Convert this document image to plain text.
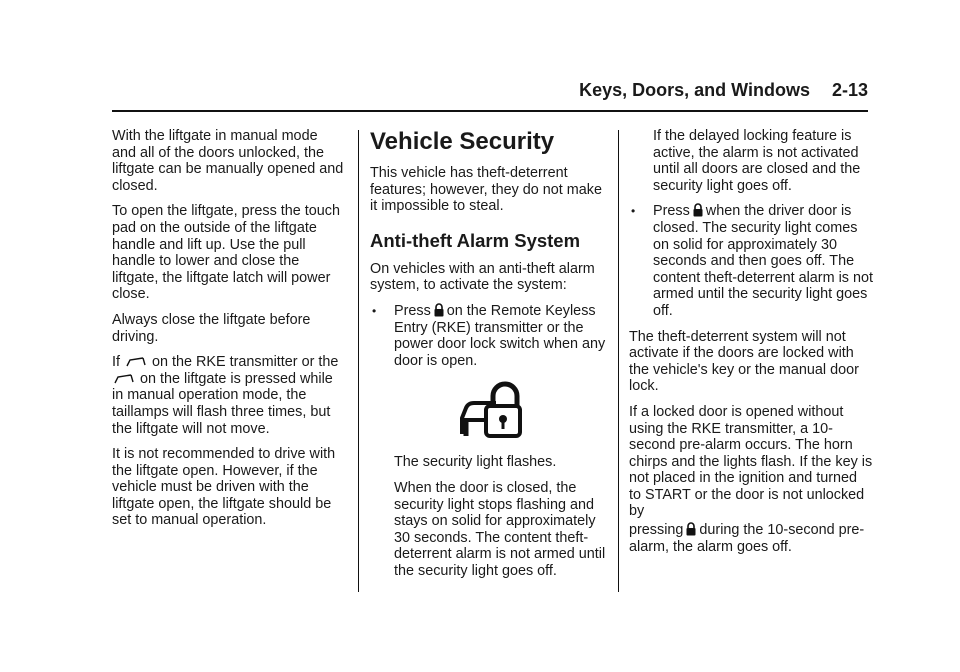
Keys, Doors, and Windows 2-13

With the liftgate in manual mode and all of the doors unlocked, the liftgate can be manually opened and closed.

To open the liftgate, press the touch pad on the outside of the liftgate handle and lift up. Use the pull handle to lower and close the liftgate, the liftgate latch will power close.

Always close the liftgate before driving.

If on the RKE transmitter or the
on the liftgate is pressed while in manual operation mode, the taillamps will flash three times, but the liftgate will not move.

It is not recommended to drive with the liftgate open. However, if the vehicle must be driven with the liftgate open, the liftgate should be set to manual operation.

Vehicle Security

This vehicle has theft-deterrent features; however, they do not make it impossible to steal.

Anti-theft Alarm System

On vehicles with an anti-theft alarm system, to activate the system:

• Press on the Remote Keyless Entry (RKE) transmitter or the power door lock switch when any door is open.

The security light flashes.

When the door is closed, the security light stops flashing and stays on solid for approximately 30 seconds. The content theft-deterrent alarm is not armed until the security light goes off.

If the delayed locking feature is active, the alarm is not activated until all doors are closed and the security light goes off.

• Press when the driver door is closed. The security light comes on solid for approximately 30 seconds and then goes off. The content theft-deterrent alarm is not armed until the security light goes off.

The theft-deterrent system will not activate if the doors are locked with the vehicle's key or the manual door lock.

If a locked door is opened without using the RKE transmitter, a 10-second pre-alarm occurs. The horn chirps and the lights flash. If the key is not placed in the ignition and turned to START or the door is not unlocked by

pressing during the 10-second pre-alarm, the alarm goes off.
